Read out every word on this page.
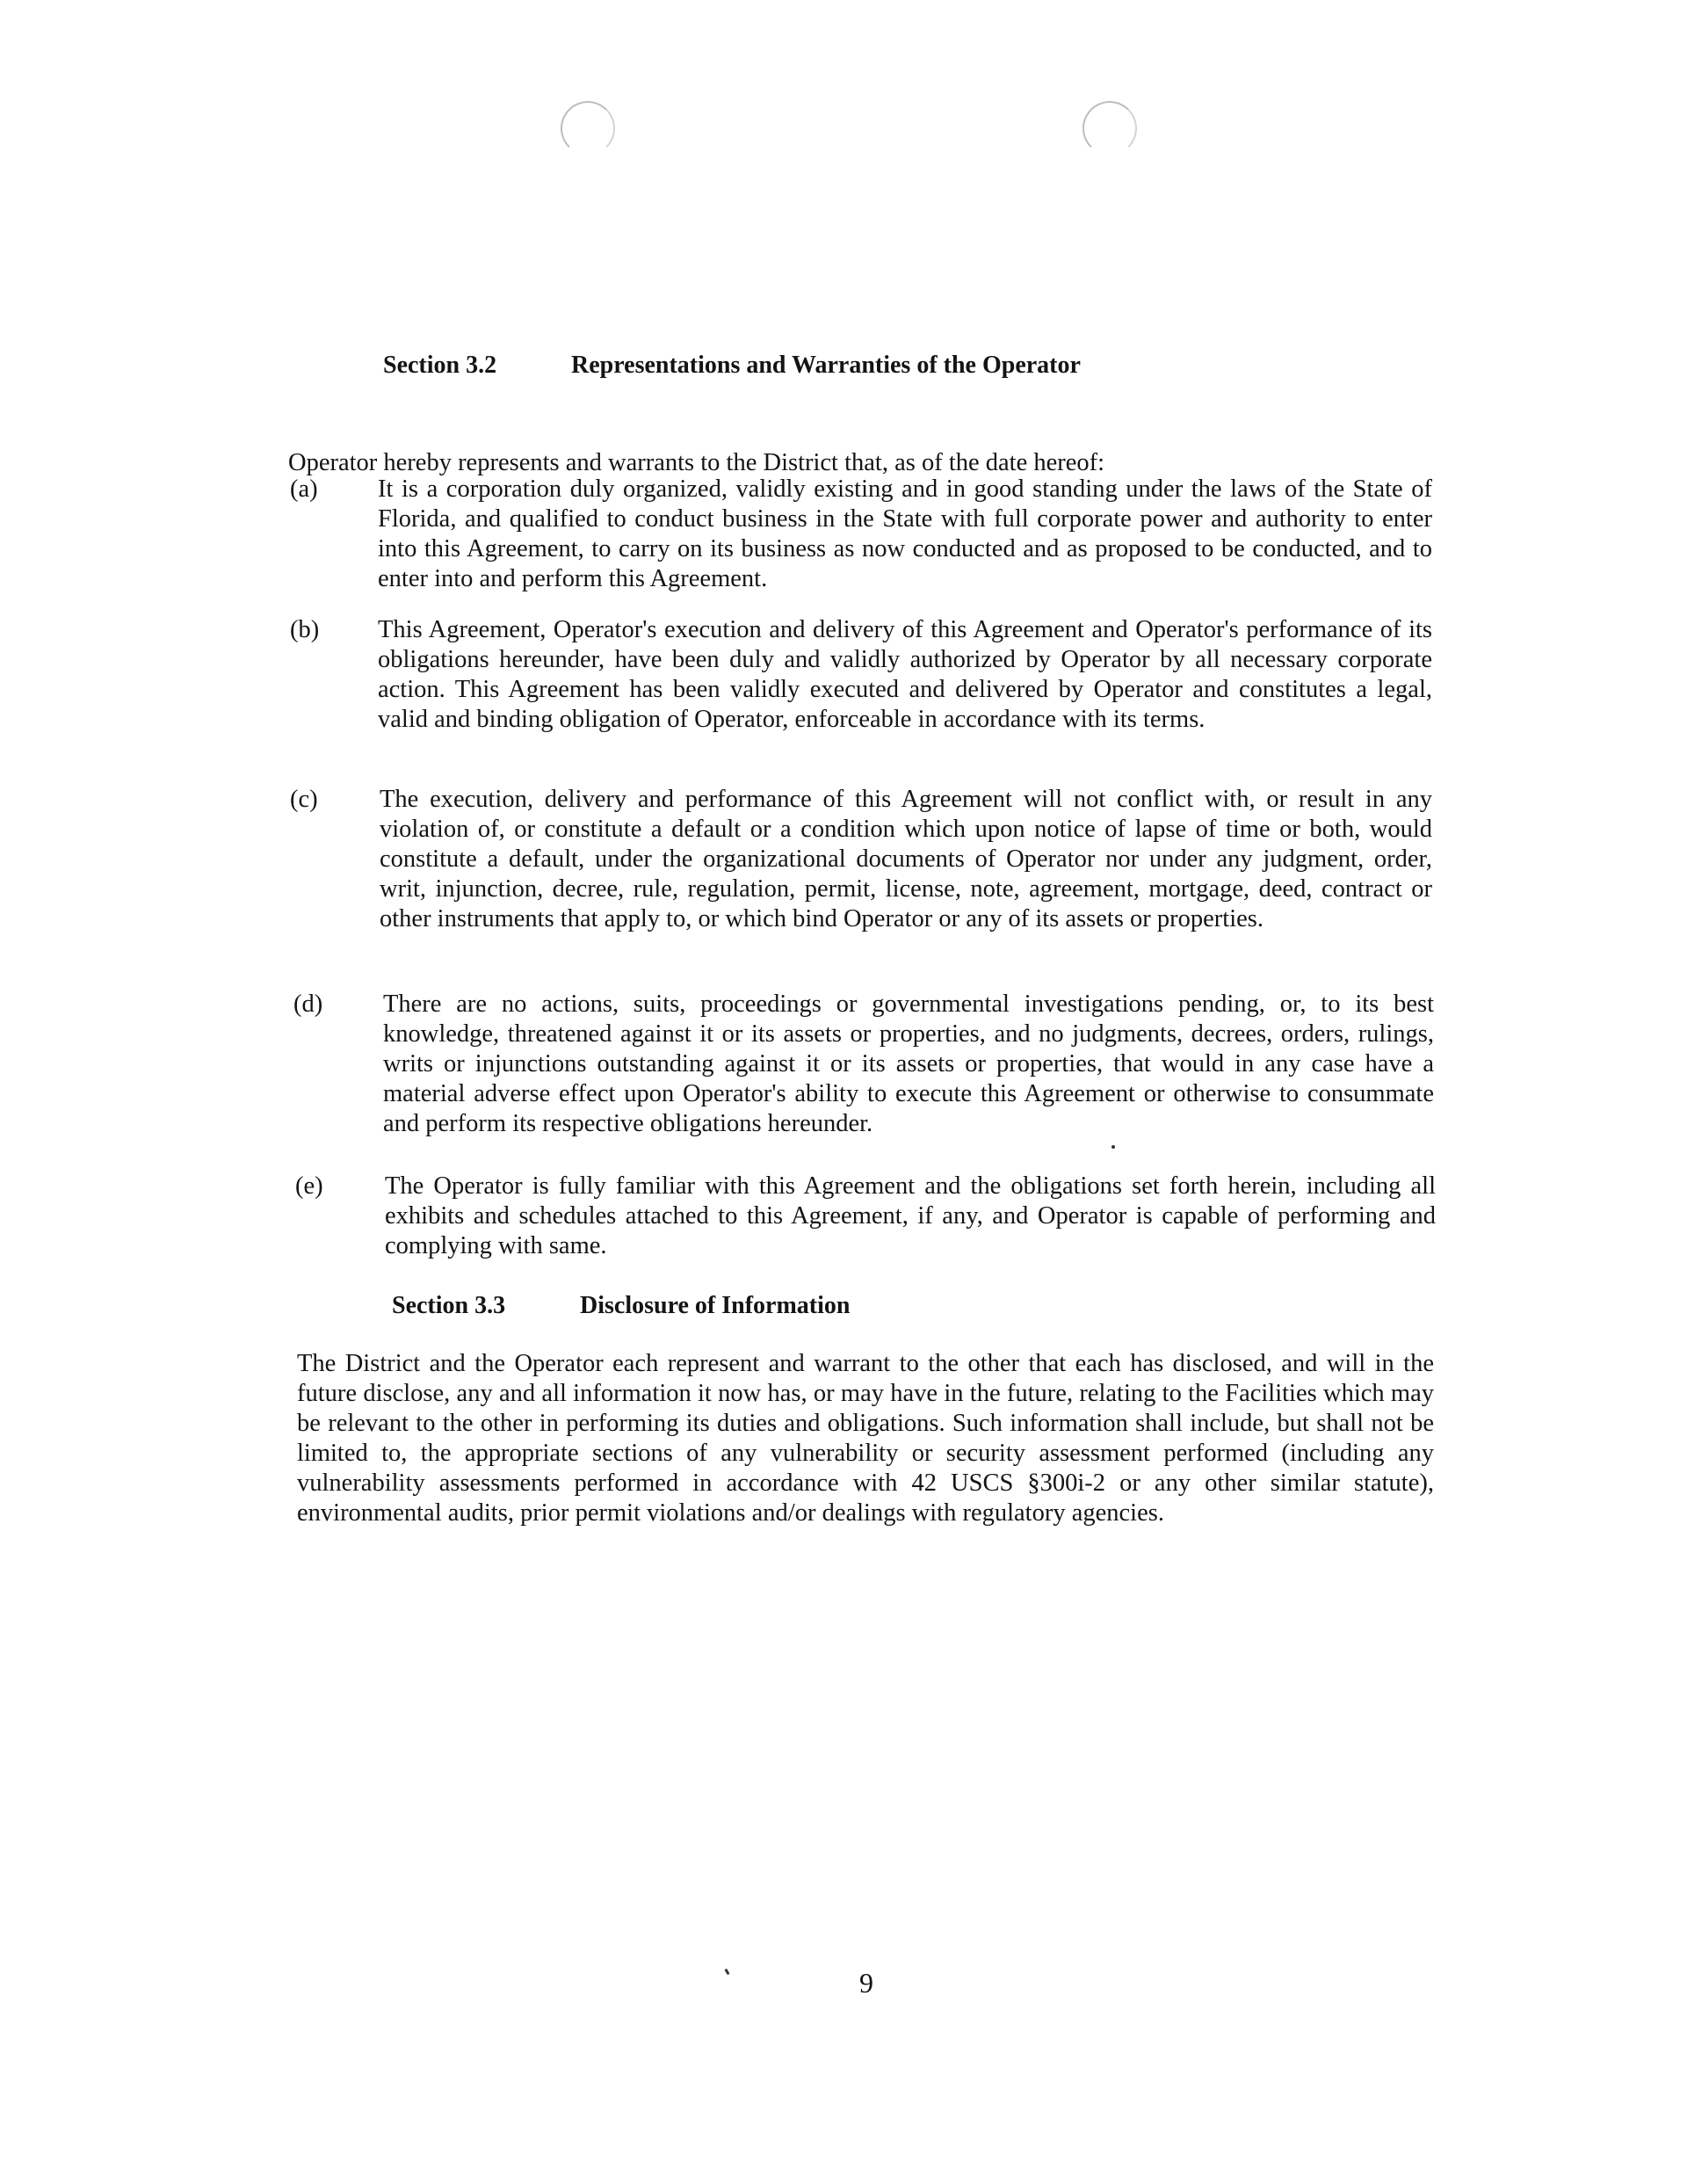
Section 3.2	Representations and Warranties of the Operator
Operator hereby represents and warrants to the District that, as of the date hereof:
(a) It is a corporation duly organized, validly existing and in good standing under the laws of the State of Florida, and qualified to conduct business in the State with full corporate power and authority to enter into this Agreement, to carry on its business as now conducted and as proposed to be conducted, and to enter into and perform this Agreement.
(b) This Agreement, Operator's execution and delivery of this Agreement and Operator's performance of its obligations hereunder, have been duly and validly authorized by Operator by all necessary corporate action. This Agreement has been validly executed and delivered by Operator and constitutes a legal, valid and binding obligation of Operator, enforceable in accordance with its terms.
(c) The execution, delivery and performance of this Agreement will not conflict with, or result in any violation of, or constitute a default or a condition which upon notice of lapse of time or both, would constitute a default, under the organizational documents of Operator nor under any judgment, order, writ, injunction, decree, rule, regulation, permit, license, note, agreement, mortgage, deed, contract or other instruments that apply to, or which bind Operator or any of its assets or properties.
(d) There are no actions, suits, proceedings or governmental investigations pending, or, to its best knowledge, threatened against it or its assets or properties, and no judgments, decrees, orders, rulings, writs or injunctions outstanding against it or its assets or properties, that would in any case have a material adverse effect upon Operator's ability to execute this Agreement or otherwise to consummate and perform its respective obligations hereunder.
(e) The Operator is fully familiar with this Agreement and the obligations set forth herein, including all exhibits and schedules attached to this Agreement, if any, and Operator is capable of performing and complying with same.
Section 3.3	Disclosure of Information
The District and the Operator each represent and warrant to the other that each has disclosed, and will in the future disclose, any and all information it now has, or may have in the future, relating to the Facilities which may be relevant to the other in performing its duties and obligations. Such information shall include, but shall not be limited to, the appropriate sections of any vulnerability or security assessment performed (including any vulnerability assessments performed in accordance with 42 USCS §300i-2 or any other similar statute), environmental audits, prior permit violations and/or dealings with regulatory agencies.
9
